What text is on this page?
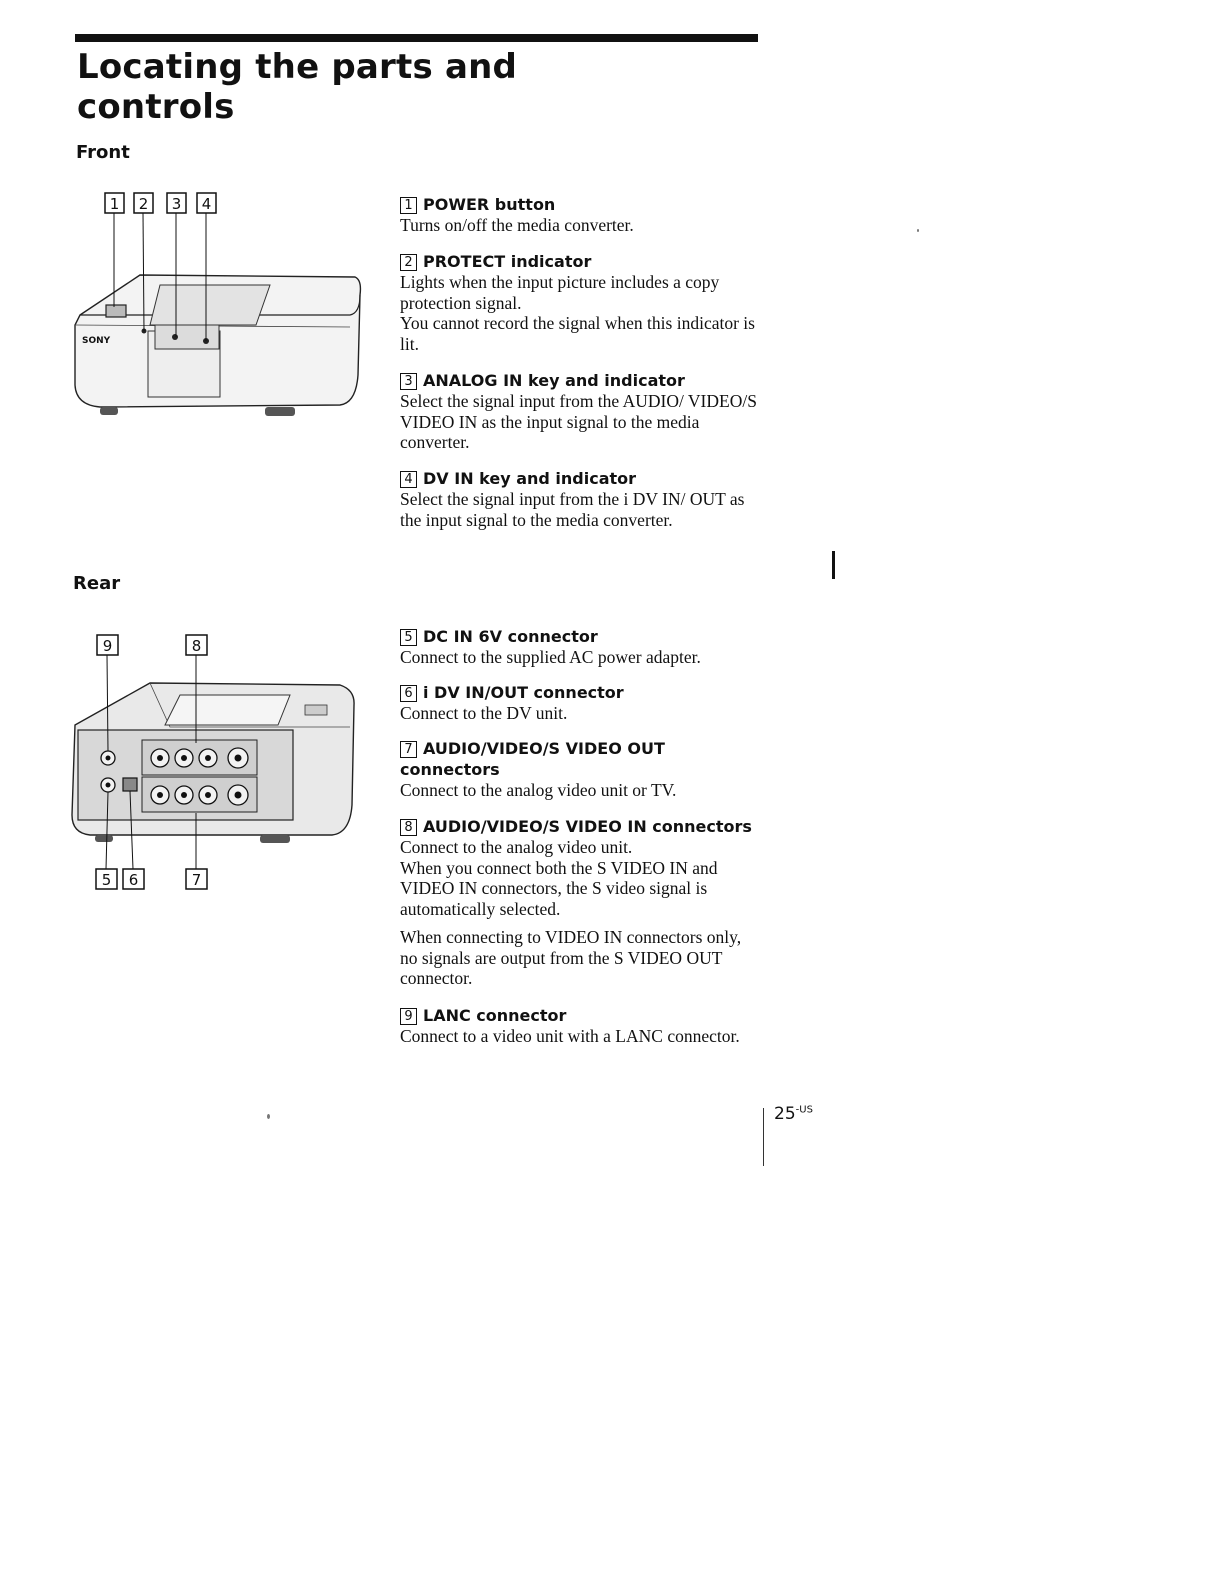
Locating the parts and controls
Front
Rear
1 2 3 4
SONY
9	8
5 6	7
1 POWER button
Turns on/off the media converter.
2 PROTECT indicator
Lights when the input picture includes a copy protection signal.
You cannot record the signal when this indicator is lit.
3 ANALOG IN key and indicator
Select the signal input from the AUDIO/ VIDEO/S VIDEO IN as the input signal to the media converter.
4 DV IN key and indicator
Select the signal input from the i DV IN/ OUT as the input signal to the media converter.
5 DC IN 6V connector
Connect to the supplied AC power adapter.
6 i DV IN/OUT connector
Connect to the DV unit.
7 AUDIO/VIDEO/S VIDEO OUT connectors
Connect to the analog video unit or TV.
8 AUDIO/VIDEO/S VIDEO IN connectors
Connect to the analog video unit.
When you connect both the S VIDEO IN and VIDEO IN connectors, the S video signal is automatically selected.
When connecting to VIDEO IN connectors only, no signals are output from the S VIDEO OUT connector.
9 LANC connector
Connect to a video unit with a LANC connector.
$25^{-US}$
